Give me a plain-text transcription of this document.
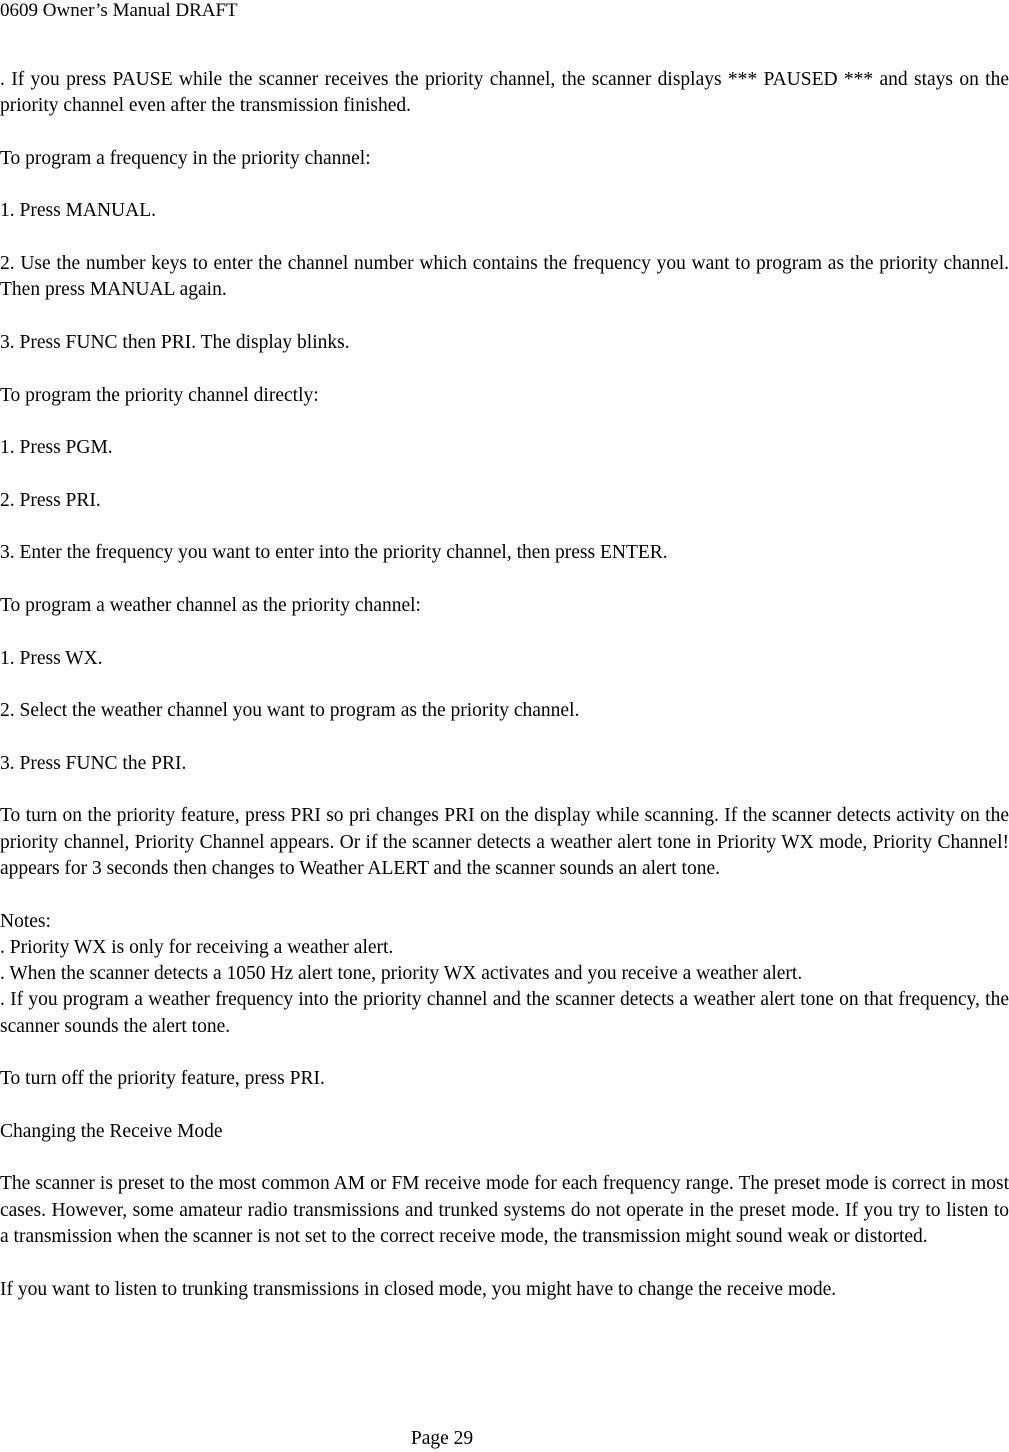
0609 Owner’s Manual DRAFT

. If you press PAUSE while the scanner receives the priority channel, the scanner displays *** PAUSED *** and stays on the priority channel even after the transmission finished.

To program a frequency in the priority channel:

1. Press MANUAL.

2. Use the number keys to enter the channel number which contains the frequency you want to program as the priority channel. Then press MANUAL again.

3. Press FUNC then PRI. The display blinks.

To program the priority channel directly:

1. Press PGM.

2. Press PRI.

3. Enter the frequency you want to enter into the priority channel, then press ENTER.

To program a weather channel as the priority channel:

1. Press WX.

2. Select the weather channel you want to program as the priority channel.

3. Press FUNC the PRI.

To turn on the priority feature, press PRI so pri changes PRI on the display while scanning. If the scanner detects activity on the priority channel, Priority Channel appears. Or if the scanner detects a weather alert tone in Priority WX mode, Priority Channel! appears for 3 seconds then changes to Weather ALERT and the scanner sounds an alert tone.

Notes:

. Priority WX is only for receiving a weather alert.

. When the scanner detects a 1050 Hz alert tone, priority WX activates and you receive a weather alert.

. If you program a weather frequency into the priority channel and the scanner detects a weather alert tone on that frequency, the scanner sounds the alert tone.

To turn off the priority feature, press PRI.

Changing the Receive Mode

The scanner is preset to the most common AM or FM receive mode for each frequency range. The preset mode is correct in most cases. However, some amateur radio transmissions and trunked systems do not operate in the preset mode. If you try to listen to a transmission when the scanner is not set to the correct receive mode, the transmission might sound weak or distorted.

If you want to listen to trunking transmissions in closed mode, you might have to change the receive mode.

Page 29
